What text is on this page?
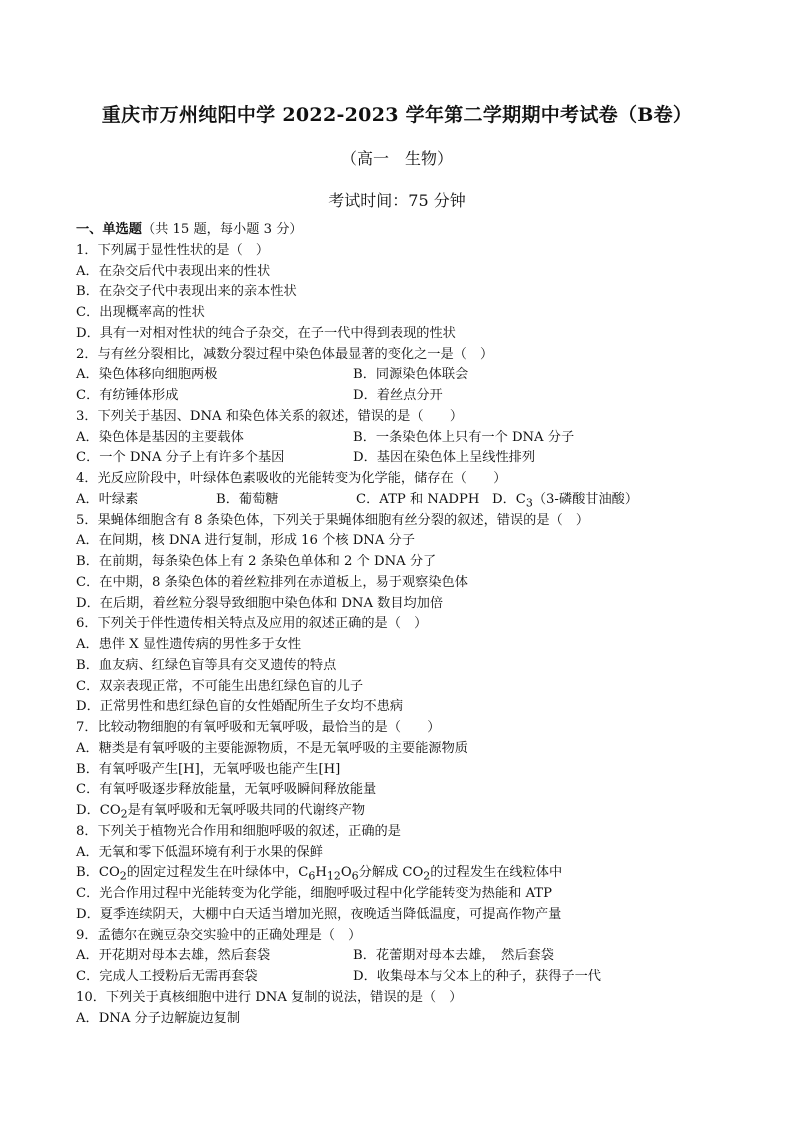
重庆市万州纯阳中学 2022-2023 学年第二学期期中考试卷（B卷）
（高一　生物）
考试时间：75 分钟
一、单选题（共 15 题，每小题 3 分）
1．下列属于显性性状的是（　）
A．在杂交后代中表现出来的性状
B．在杂交子代中表现出来的亲本性状
C．出现概率高的性状
D．具有一对相对性状的纯合子杂交，在子一代中得到表现的性状
2．与有丝分裂相比，减数分裂过程中染色体最显著的变化之一是（　）
A．染色体移向细胞两极	B．同源染色体联会
C．有纺锤体形成	D．着丝点分开
3．下列关于基因、DNA 和染色体关系的叙述，错误的是（　　）
A．染色体是基因的主要载体	B．一条染色体上只有一个 DNA 分子
C．一个 DNA 分子上有许多个基因	D．基因在染色体上呈线性排列
4．光反应阶段中，叶绿体色素吸收的光能转变为化学能，储存在（　　）
A．叶绿素	B．葡萄糖	C．ATP 和 NADPH D．$C_3(3-$磷酸甘油酸）
5．果蝇体细胞含有 8 条染色体，下列关于果蝇体细胞有丝分裂的叙述，错误的是（　）
A．在间期，核 DNA 进行复制，形成 16 个核 DNA 分子
B．在前期，每条染色体上有 2 条染色单体和 2 个 DNA 分了
C．在中期，8 条染色体的着丝粒排列在赤道板上，易于观察染色体
D．在后期，着丝粒分裂导致细胞中染色体和 DNA 数目均加倍
6．下列关于伴性遗传相关特点及应用的叙述正确的是（　）
A．患伴 X 显性遗传病的男性多于女性
B．血友病、红绿色盲等具有交叉遗传的特点
C．双亲表现正常，不可能生出患红绿色盲的儿子
D．正常男性和患红绿色盲的女性婚配所生子女均不患病
7．比较动物细胞的有氧呼吸和无氧呼吸，最恰当的是（　　）
A．糖类是有氧呼吸的主要能源物质，不是无氧呼吸的主要能源物质
B．有氧呼吸产生[H]，无氧呼吸也能产生[H]
C．有氧呼吸逐步释放能量，无氧呼吸瞬间释放能量
D．$CO_2$是有氧呼吸和无氧呼吸共同的代谢终产物
8．下列关于植物光合作用和细胞呼吸的叙述，正确的是
A．无氧和零下低温环境有利于水果的保鲜
B．$CO_2$的固定过程发生在叶绿体中，$C_6H_{12}O_6$分解成 $CO_2$的过程发生在线粒体中
C．光合作用过程中光能转变为化学能，细胞呼吸过程中化学能转变为热能和 ATP
D．夏季连续阴天，大棚中白天适当增加光照，夜晚适当降低温度，可提高作物产量
9．孟德尔在豌豆杂交实验中的正确处理是（　）
A．开花期对母本去雄，然后套袋	B．花蕾期对母本去雄，　然后套袋
C．完成人工授粉后无需再套袋	D．收集母本与父本上的种子，获得子一代
10．下列关于真核细胞中进行 DNA 复制的说法，错误的是（　）
A．DNA 分子边解旋边复制
